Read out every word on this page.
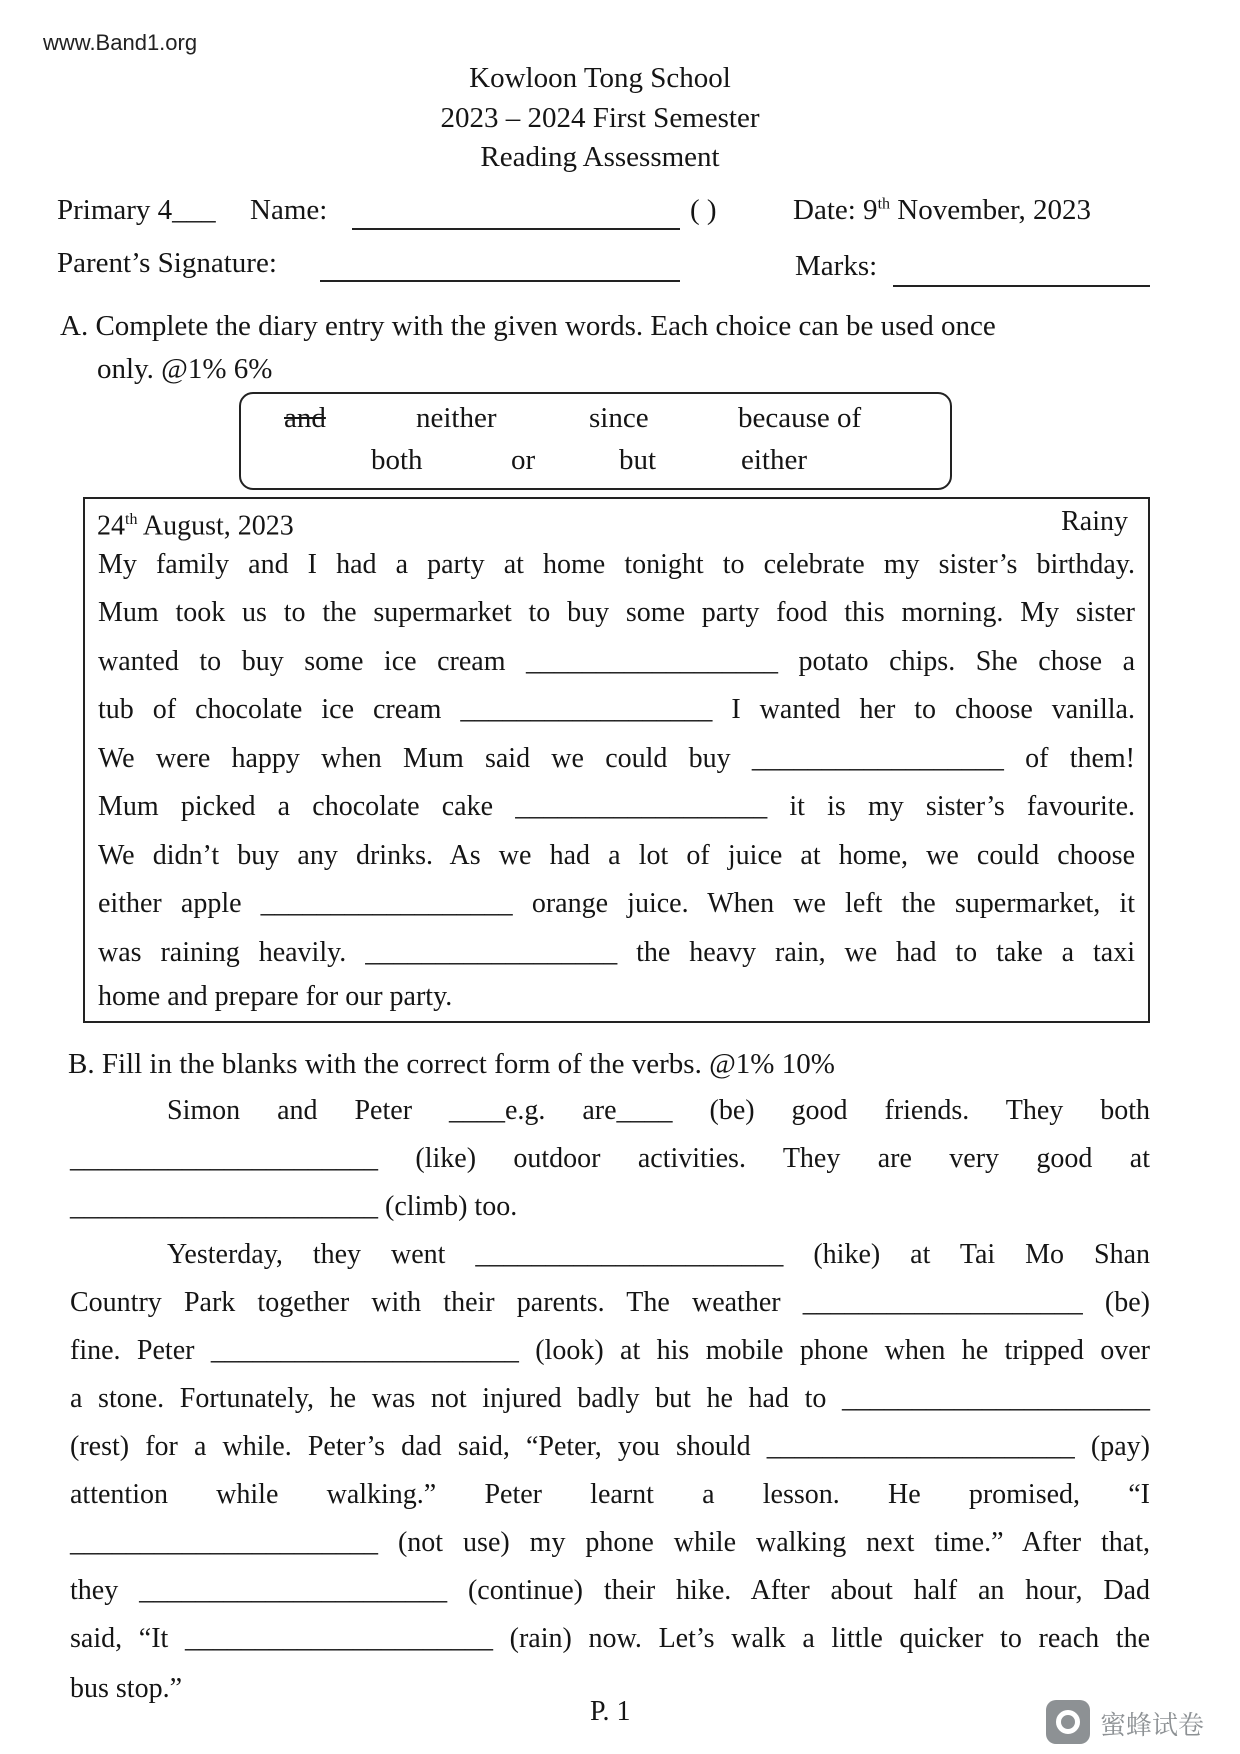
www.Band1.org
Kowloon Tong School
2023 – 2024 First Semester
Reading Assessment
Primary 4___ Name:	( )	Date: 9th November, 2023
Parent’s Signature:	Marks:
A. Complete the diary entry with the given words. Each choice can be used once
only. @1% 6%
and	neither	since	because of
both	or	but	either
24th August, 2023	Rainy
My family and I had a party at home tonight to celebrate my sister’s birthday.
Mum took us to the supermarket to buy some party food this morning. My sister
wanted to buy some ice cream __________________ potato chips. She chose a
tub of chocolate ice cream __________________ I wanted her to choose vanilla.
We were happy when Mum said we could buy __________________ of them!
Mum picked a chocolate cake __________________ it is my sister’s favourite.
We didn’t buy any drinks. As we had a lot of juice at home, we could choose
either apple __________________ orange juice. When we left the supermarket, it
was raining heavily. __________________ the heavy rain, we had to take a taxi
home and prepare for our party.
B. Fill in the blanks with the correct form of the verbs. @1% 10%
Simon and Peter ____e.g. are____ (be) good friends. They both
______________________ (like) outdoor activities. They are very good at
______________________ (climb) too.
Yesterday, they went ______________________ (hike) at Tai Mo Shan
Country Park together with their parents. The weather ____________________ (be)
fine. Peter ______________________ (look) at his mobile phone when he tripped over
a stone. Fortunately, he was not injured badly but he had to ______________________
(rest) for a while. Peter’s dad said, “Peter, you should ______________________ (pay)
attention while walking.” Peter learnt a lesson. He promised, “I
______________________ (not use) my phone while walking next time.” After that,
they ______________________ (continue) their hike. After about half an hour, Dad
said, “It ______________________ (rain) now. Let’s walk a little quicker to reach the
bus stop.”
P. 1	蜜蜂试卷
